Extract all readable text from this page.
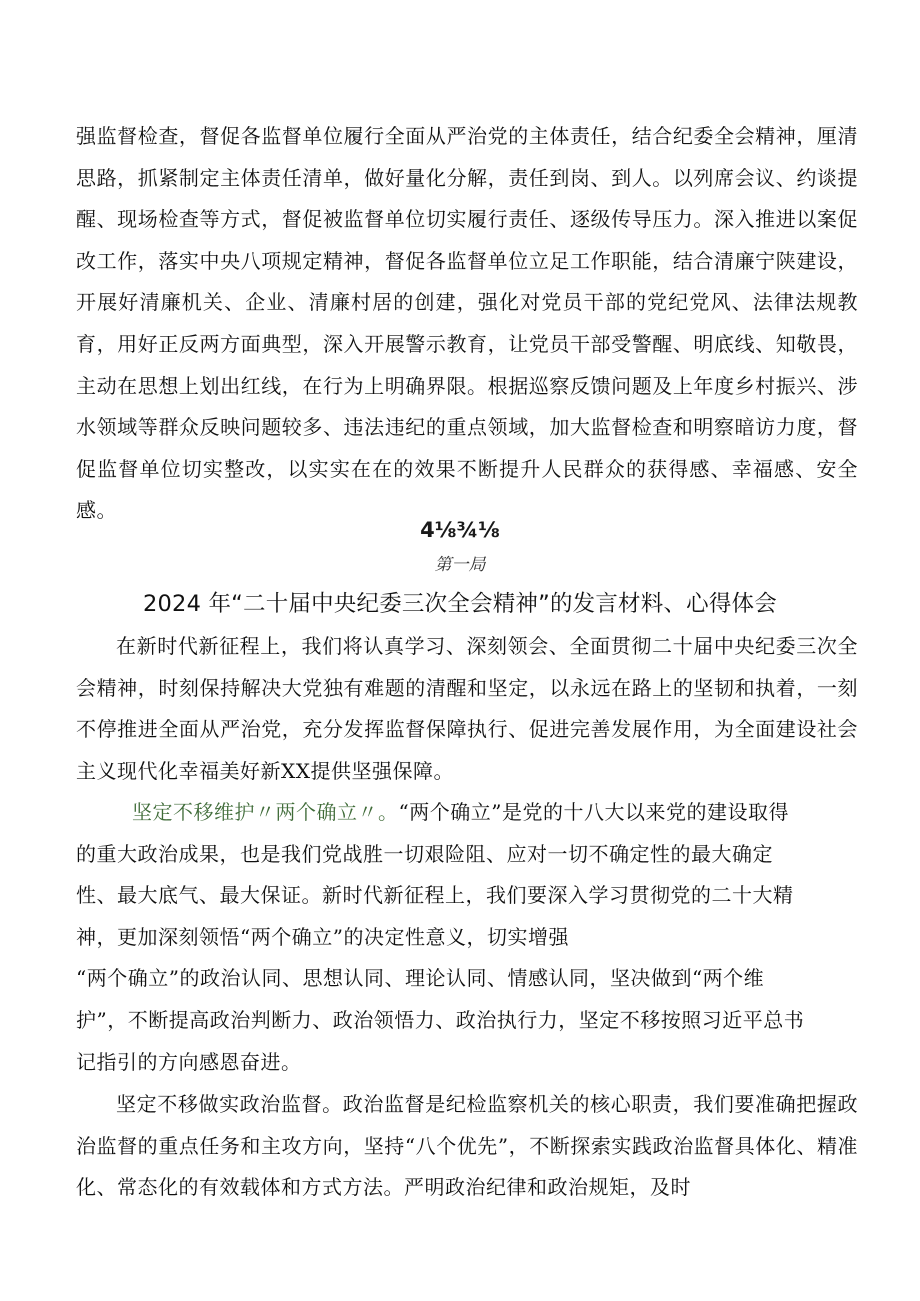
强监督检查，督促各监督单位履行全面从严治党的主体责任，结合纪委全会精神，厘清思路，抓紧制定主体责任清单，做好量化分解，责任到岗、到人。以列席会议、约谈提醒、现场检查等方式，督促被监督单位切实履行责任、逐级传导压力。深入推进以案促改工作，落实中央八项规定精神，督促各监督单位立足工作职能，结合清廉宁陕建设，开展好清廉机关、企业、清廉村居的创建，强化对党员干部的党纪党风、法律法规教育，用好正反两方面典型，深入开展警示教育，让党员干部受警醒、明底线、知敬畏，主动在思想上划出红线，在行为上明确界限。根据巡察反馈问题及上年度乡村振兴、涉水领域等群众反映问题较多、违法违纪的重点领域，加大监督检查和明察暗访力度，督促监督单位切实整改，以实实在在的效果不断提升人民群众的获得感、幸福感、安全感。
4⅛¾⅛
第一局
2024 年“二十届中央纪委三次全会精神”的发言材料、心得体会
在新时代新征程上，我们将认真学习、深刻领会、全面贯彻二十届中央纪委三次全会精神，时刻保持解决大党独有难题的清醒和坚定，以永远在路上的坚韧和执着，一刻不停推进全面从严治党，充分发挥监督保障执行、促进完善发展作用，为全面建设社会主义现代化幸福美好新XX提供坚强保障。
坚定不移维护〃两个确立〃。“两个确立”是党的十八大以来党的建设取得
的重大政治成果，也是我们党战胜一切艰险阻、应对一切不确定性的最大确定
性、最大底气、最大保证。新时代新征程上，我们要深入学习贯彻党的二十大精
神，更加深刻领悟“两个确立”的决定性意义，切实增强
“两个确立”的政治认同、思想认同、理论认同、情感认同，坚决做到“两个维
护”，不断提高政治判断力、政治领悟力、政治执行力，坚定不移按照习近平总书
记指引的方向感恩奋进。
坚定不移做实政治监督。政治监督是纪检监察机关的核心职责，我们要准确把握政治监督的重点任务和主攻方向，坚持“八个优先”，不断探索实践政治监督具体化、精准化、常态化的有效载体和方式方法。严明政治纪律和政治规矩，及时
